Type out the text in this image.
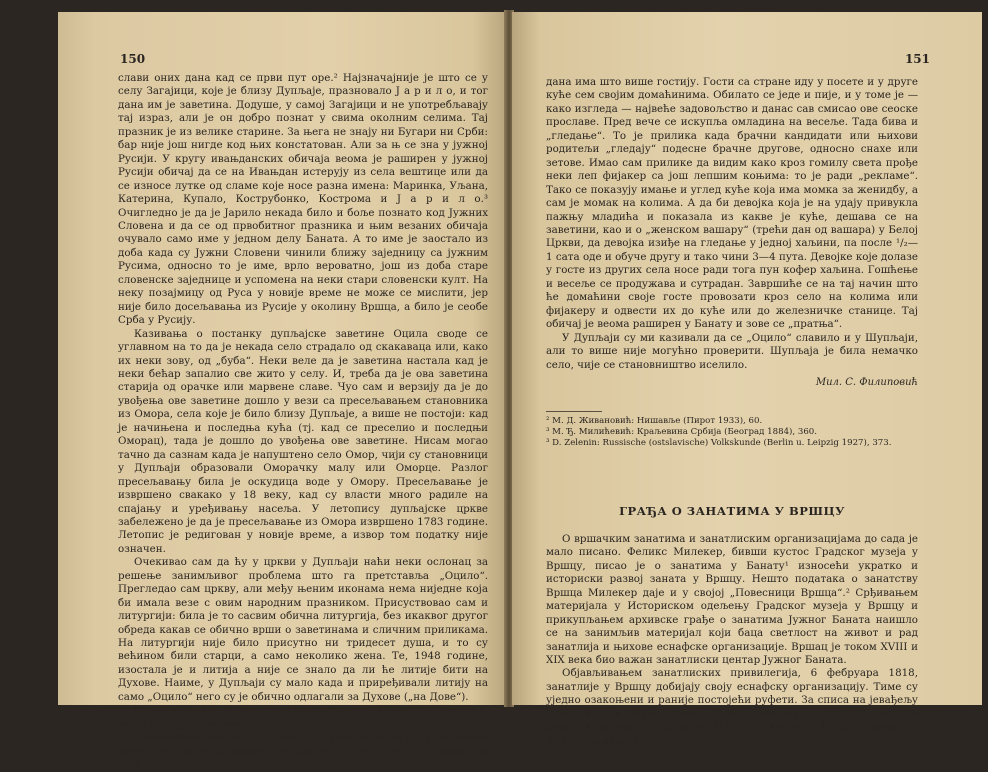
150

слави оних дана кад се први пут оре.² Најзначајније је што се у селу Загајици, које је близу Дупљаје, празновало Ј а р и л о, и тог дана им је заветина. Додуше, у самој Загајици и не употребљавају тај израз, али је он добро познат у свима околним селима. Тај празник је из велике старине. За њега не знају ни Бугари ни Срби: бар није још нигде код њих констатован. Али за њ се зна у јужној Русији. У кругу ивањданских обичаја веома је раширен у јужној Русији обичај да се на Ивањдан истерују из села вештице или да се износе лутке од сламе које носе разна имена: Маринка, Уљана, Катерина, Купало, Кострубонко, Кострома и Ј а р и л о.³ Очигледно је да је Јарило некада било и боље познато код Јужних Словена и да се од првобитног празника и њим везаних обичаја очувало само име у једном делу Баната. А то име је заостало из доба када су Јужни Словени чинили ближу заједницу са јужним Русима, односно то је име, врло вероватно, још из доба старе словенске заједнице и успомена на неки стари словенски култ. На неку позајмицу од Руса у новије време не може се мислити, јер није било досељавања из Русије у околину Вршца, а било је сеобе Срба у Русију.

Казивања о постанку дупљајске заветине Оцила своде се углавном на то да је некада село страдало од скакаваца или, како их неки зову, од „буба“. Неки веле да је заветина настала кад је неки бећар запалио све жито у селу. И, треба да је ова заветина старија од орачке или марвене славе. Чуо сам и верзију да је до увођења ове заветине дошло у вези са пресељавањем становника из Омора, села које је било близу Дупљаје, а више не постоји: кад је начињена и последња кућа (тј. кад се преселио и последњи Оморац), тада је дошло до увођења ове заветине. Нисам могао тачно да сазнам када је напуштено село Омор, чији су становници у Дупљаји образовали Оморачку малу или Оморце. Разлог пресељавању била је оскудица воде у Омору. Пресељавање је извршено свакако у 18 веку, кад су власти много радиле на спајању и уређивању насеља. У летопису дупљајске цркве забележено је да је пресељавање из Омора извршено 1783 године. Летопис је редигован у новије време, а извор том податку није означен.

Очекивао сам да ћу у цркви у Дупљаји наћи неки ослонац за решење занимљивог проблема што га претставља „Оцило“. Прегледао сам цркву, али међу њеним иконама нема ниједне која би имала везе с овим народним празником. Присуствовао сам и литургији: била је то сасвим обична литургија, без икаквог другог обреда какав се обично врши о заветинама и сличним приликама. На литургији није било присутно ни тридесет душа, и то су већином били старци, а само неколико жена. Те, 1948 године, изостала је и литија а није се знало да ли ће литије бити на Духове. Наиме, у Дупљаји су мало када и приређивали литију на само „Оцило“ него су је обично одлагали за Духове („на Дове“).

Са литијом, кад се носи, иде се до „записа“ у пољу, на најлепше жито и у најлепше винограде.

Празновање заветине „Оцила“ у Дупљаји свело се, у најновије време, на гошћење домаће чељади и гостију. Свако се радује да тога

151

дана има што више гостију. Гости са стране иду у посете и у друге куће сем својим домаћинима. Обилато се једе и пије, и у томе је — како изгледа — највеће задовољство и данас сав смисао ове сеоске прославе. Пред вече се искупља омладина на весеље. Тада бива и „гледање“. То је прилика када брачни кандидати или њихови родитељи „гледају“ подесне брачне другове, односно снахе или зетове. Имао сам прилике да видим како кроз гомилу света прође неки леп фијакер са још лепшим коњима: то је ради „рекламе“. Тако се показују имање и углед куће која има момка за женидбу, а сам је момак на колима. А да би девојка која је на удају привукла пажњу младића и показала из какве је куће, дешава се на заветини, као и о „женском вашару“ (трећи дан од вашара) у Белој Цркви, да девојка изиђе на гледање у једној хаљини, па после ¹/₂—1 сата оде и обуче другу и тако чини 3—4 пута. Девојке које долазе у госте из других села носе ради тога пун кофер хаљина. Гошћење и весеље се продужава и сутрадан. Завршиће се на тај начин што ће домаћини своје госте провозати кроз село на колима или фијакеру и одвести их до куће или до железничке станице. Тај обичај је веома раширен у Банату и зове се „пратња“.

У Дупљаји су ми казивали да се „Оцило“ славило и у Шупљаји, али то више није могућно проверити. Шупљаја је била немачко село, чије се становништво иселило.

Мил. С. Филиповић

² М. Д. Живановић: Нишавље (Пирот 1933), 60.

³ М. Ђ. Милићевић: Краљевина Србија (Београд 1884), 360.

³ D. Zelenin: Russische (ostslavische) Volkskunde (Berlin u. Leipzig 1927), 373.

ГРАЂА О ЗАНАТИМА У ВРШЦУ

О вршачким занатима и занатлиским организацијама до сада је мало писано. Феликс Милекер, бивши кустос Градског музеја у Вршцу, писао је о занатима у Банату¹ износећи укратко и историски развој заната у Вршцу. Нешто података о занатству Вршца Милекер даје и у својој „Повесници Вршца“.² Срђивањем материјала у Историском одељењу Градског музеја у Вршцу и прикупљањем архивске грађе о занатима Јужног Баната наишло се на занимљив материјал који баца светлост на живот и рад занатлија и њихове еснафске организације. Вршац је током XVIII и XIX века био важан занатлиски центар Јужног Баната.

Објављивањем занатлиских привилегија, 6 фебруара 1818, занатлије у Вршцу добијају своју еснафску организацију. Тиме су уједно озакоњени и раније постојећи руфети. За списа на јевађељу Успенске тзв. Мале цркве у Вршцу видимо да је 1772 постојао руфет казанџија и калајџија.³ Нешто касније, 1776, помиње се руфет чизмара. На
